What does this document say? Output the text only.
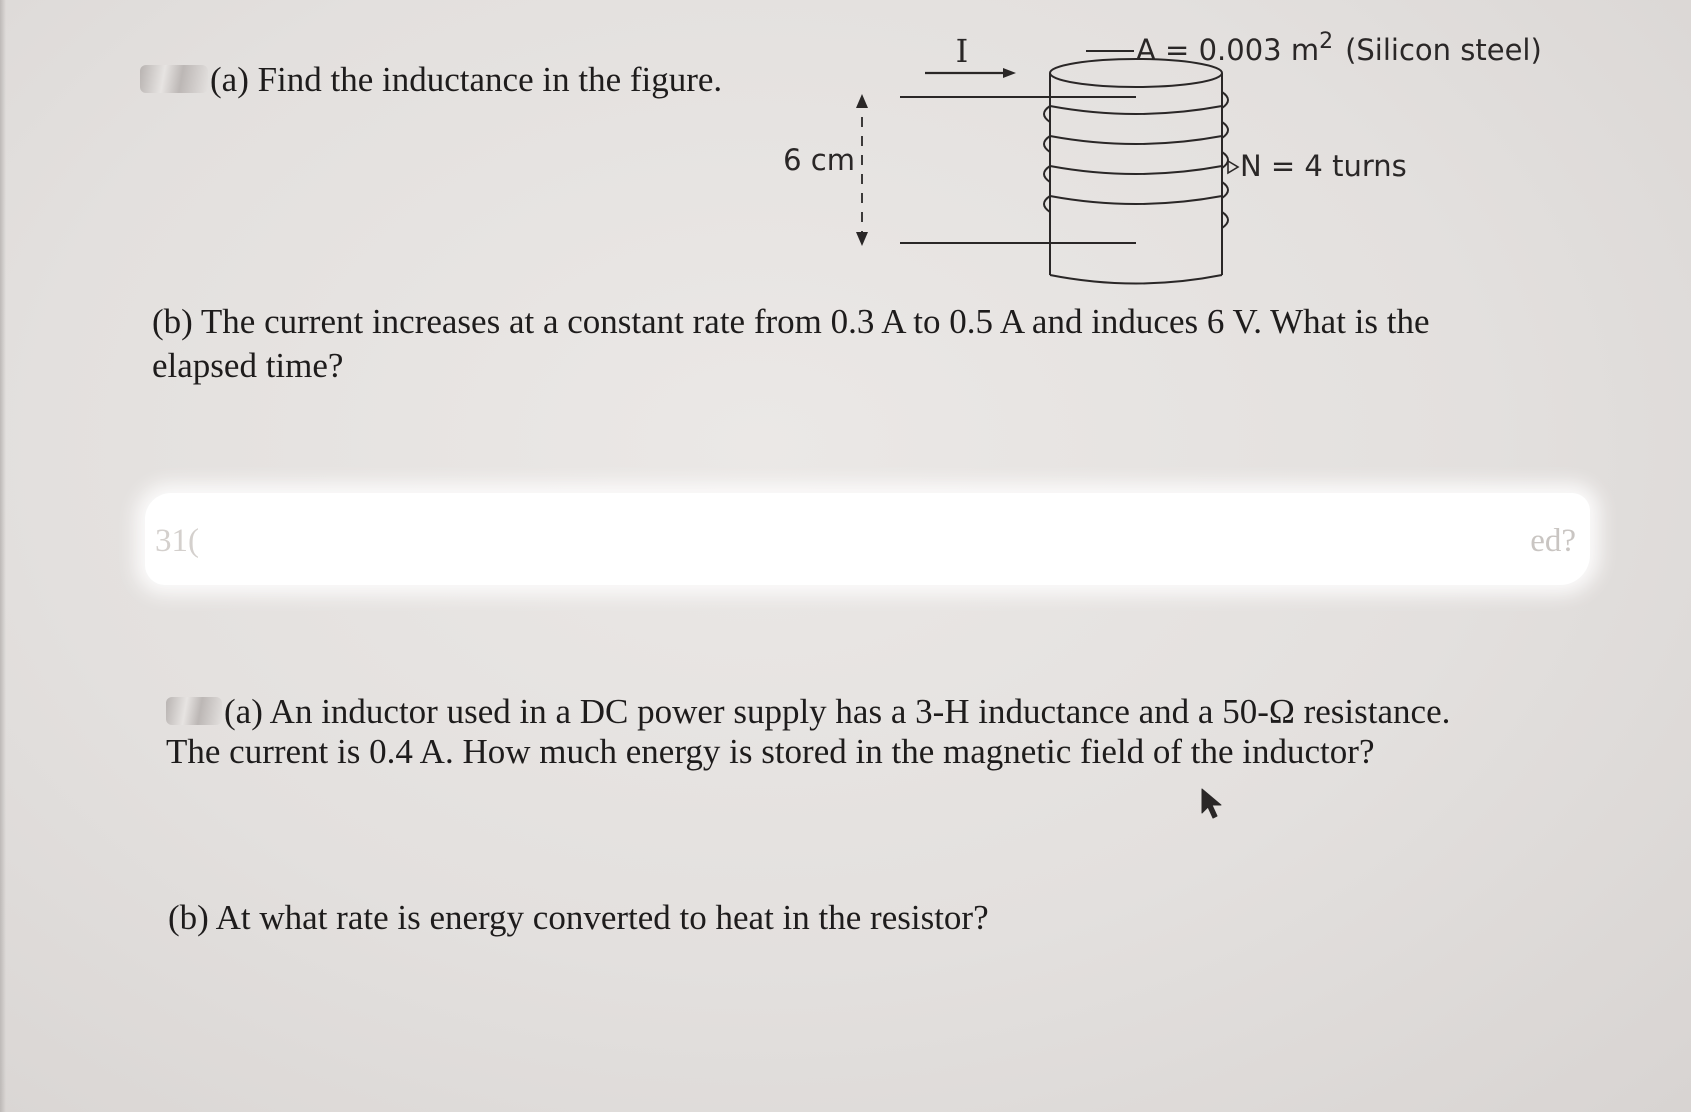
(a) Find the inductance in the figure.

I
6 cm
A = 0.003 $m^2$ (Silicon steel)
N = 4 turns

(b) The current increases at a constant rate from 0.3 A to 0.5 A and induces 6 V. What is the

elapsed time?

31(	ed?

(a) An inductor used in a DC power supply has a 3-H inductance and a 50-Ω resistance.

The current is 0.4 A. How much energy is stored in the magnetic field of the inductor?

(b) At what rate is energy converted to heat in the resistor?
